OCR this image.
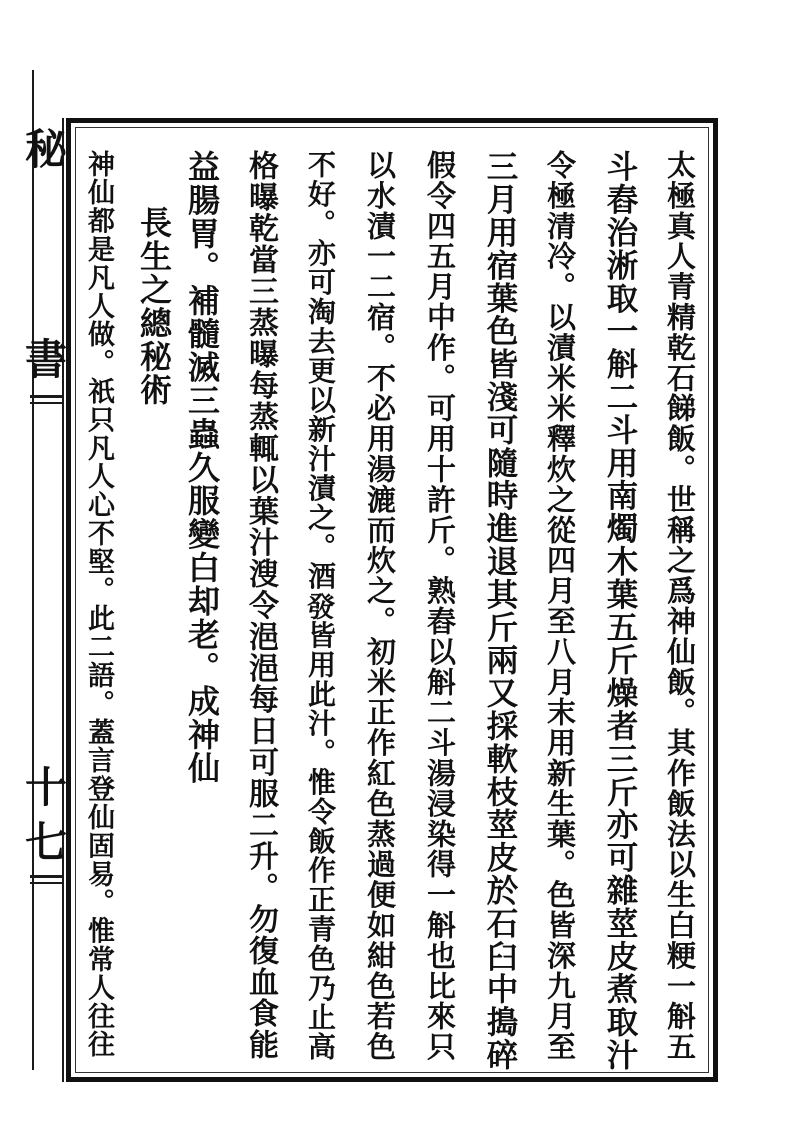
秘
書
十
七	太極真人青精乾石䬾飯。世稱之爲神仙飯。其作飯法以生白粳一斛五
斗舂治淅取一斛二斗用南燭木葉五斤燥者三斤亦可雜莖皮煮取汁
令極清冷。以漬米米釋炊之從四月至八月末用新生葉。色皆深九月至
三月用宿葉色皆淺可隨時進退其斤兩又採軟枝莖皮於石臼中搗碎
假令四五月中作。可用十許斤。熟舂以斛二斗湯浸染得一斛也比來只
以水漬一二宿。不必用湯漉而炊之。初米正作紅色蒸過便如紺色若色
不好。亦可淘去更以新汁漬之。酒𤼲皆用此汁。惟令飯作正青色乃止高
格曝乾當三蒸曝每蒸輒以葉汁溲令浥浥每日可服二升。勿復血食能
益腸胃。補髓滅三蟲久服變白却老。成神仙
長生之總秘術
神仙都是凡人做。祇只凡人心不堅。此二語。蓋言登仙固易。惟常人往往
